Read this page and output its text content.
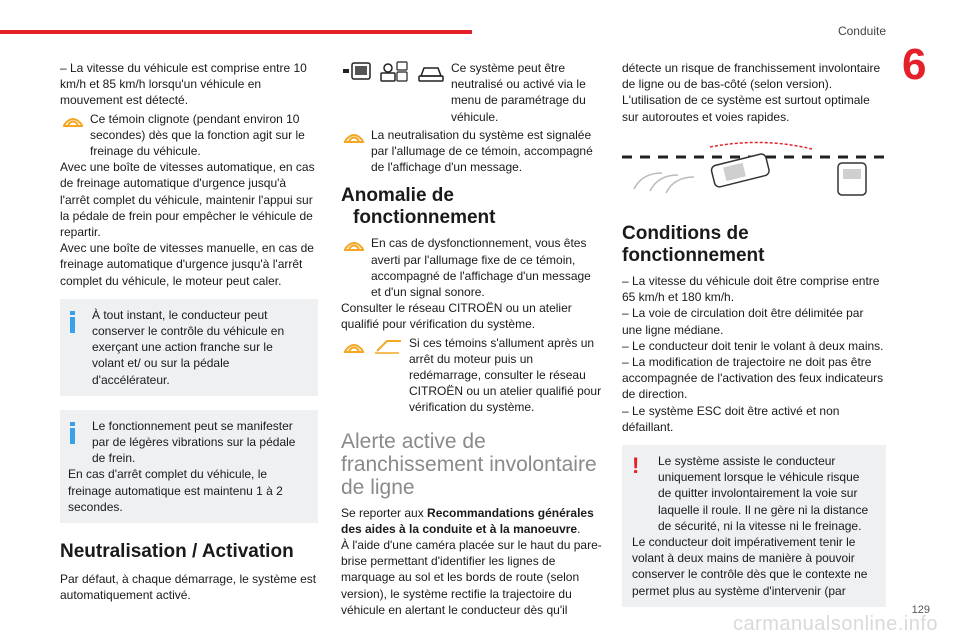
Conduite
6

– La vitesse du véhicule est comprise entre 10 km/h et 85 km/h lorsqu'un véhicule en mouvement est détecté.

Ce témoin clignote (pendant environ 10 secondes) dès que la fonction agit sur le freinage du véhicule.

Avec une boîte de vitesses automatique, en cas de freinage automatique d'urgence jusqu'à l'arrêt complet du véhicule, maintenir l'appui sur la pédale de frein pour empêcher le véhicule de repartir.

Avec une boîte de vitesses manuelle, en cas de freinage automatique d'urgence jusqu'à l'arrêt complet du véhicule, le moteur peut caler.

À tout instant, le conducteur peut conserver le contrôle du véhicule en exerçant une action franche sur le volant et/ ou sur la pédale d'accélérateur.

Le fonctionnement peut se manifester par de légères vibrations sur la pédale de frein.

En cas d'arrêt complet du véhicule, le freinage automatique est maintenu 1 à 2 secondes.

Neutralisation / Activation

Par défaut, à chaque démarrage, le système est automatiquement activé.

Ce système peut être neutralisé ou activé via le menu de paramétrage du véhicule.

La neutralisation du système est signalée par l'allumage de ce témoin, accompagné de l'affichage d'un message.

Anomalie de
fonctionnement

En cas de dysfonctionnement, vous êtes averti par l'allumage fixe de ce témoin, accompagné de l'affichage d'un message et d'un signal sonore.

Consulter le réseau CITROËN ou un atelier qualifié pour vérification du système.

Si ces témoins s'allument après un arrêt du moteur puis un redémarrage, consulter le réseau CITROËN ou un atelier qualifié pour vérification du système.

Alerte active de franchissement involontaire de ligne

Se reporter aux Recommandations générales des aides à la conduite et à la manoeuvre.

À l'aide d'une caméra placée sur le haut du pare-brise permettant d'identifier les lignes de marquage au sol et les bords de route (selon version), le système rectifie la trajectoire du véhicule en alertant le conducteur dès qu'il

détecte un risque de franchissement involontaire de ligne ou de bas-côté (selon version).

L'utilisation de ce système est surtout optimale sur autoroutes et voies rapides.

Conditions de
fonctionnement

– La vitesse du véhicule doit être comprise entre 65 km/h et 180 km/h.

– La voie de circulation doit être délimitée par une ligne médiane.

– Le conducteur doit tenir le volant à deux mains.

– La modification de trajectoire ne doit pas être accompagnée de l'activation des feux indicateurs de direction.

– Le système ESC doit être activé et non défaillant.

!	Le système assiste le conducteur uniquement lorsque le véhicule risque de quitter involontairement la voie sur laquelle il roule. Il ne gère ni la distance de sécurité, ni la vitesse ni le freinage.

Le conducteur doit impérativement tenir le volant à deux mains de manière à pouvoir conserver le contrôle dès que le contexte ne permet plus au système d'intervenir (par

carmanualsonline.info
129
